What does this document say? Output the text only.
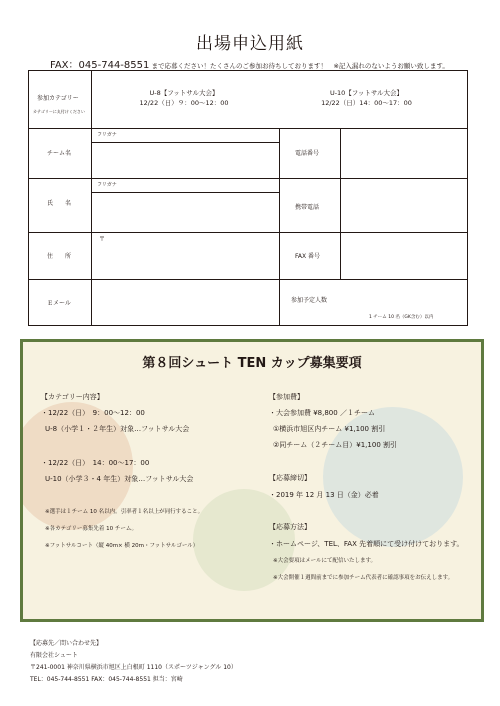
出場申込用紙
FAX：045-744-8551 まで応募ください！たくさんのご参加お待ちしております！　※記入漏れのないようお願い致します。
参加カテゴリー
カテゴリーに丸付けください
U-8【フットサル大会】
12/22（日）９：00〜12：00
U-10【フットサル大会】
12/22（日）14：00〜17：00
チーム名
フリガナ
電話番号
氏　　名
フリガナ
携帯電話
住　　所
〒
FAX 番号
Ｅメール	参加予定人数
1 チーム 10 名（GK含む）以内
第８回シュート TEN カップ募集要項
【カテゴリー内容】
・12/22（日）　9：00〜12：00
U-8（小学１・２年生）対象…フットサル大会
・12/22（日）　14：00〜17：00
U-10（小学３・4 年生）対象…フットサル大会
※選手は１チーム 10 名以内。引率者１名以上が同行すること。
※各カテゴリー募集先着 10 チーム。
※フットサルコート（縦 40m× 横 20m・フットサルゴール）
【参加費】
・大会参加費 ¥8,800 ／１チーム
①横浜市旭区内チーム ¥1,100 割引
②同チーム（２チーム目）¥1,100 割引
【応募締切】
・2019 年 12 月 13 日（金）必着
【応募方法】
・ホームページ、TEL、FAX 先着順にて受け付けております。
※大会要項はメールにて配信いたします。
※大会開催１週間前までに参加チーム代表者に確認事項をお伝えします。
【応募先／問い合わせ先】
有限会社シュート
〒241-0001 神奈川県横浜市旭区上白根町 1110（スポーツジャングル 10）
TEL：045-744-8551 FAX：045-744-8551 担当：宮崎
